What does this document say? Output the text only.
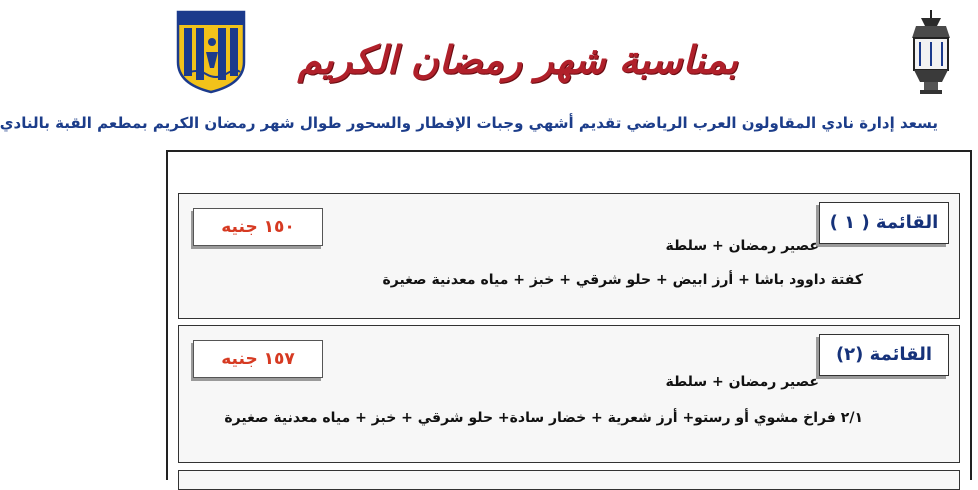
بمناسبة شهر رمضان الكريم
يسعد إدارة نادي المقاولون العرب الرياضي تقديم أشهي وجبات الإفطار والسحور طوال شهر رمضان الكريم بمطعم القبة بالنادي
القائمة ( ١ )
١٥٠ جنيه
عصير رمضان + سلطة
كفتة داوود باشا + أرز ابيض + حلو شرقي + خبز + مياه معدنية صغيرة
القائمة (٢)
١٥٧ جنيه
عصير رمضان + سلطة
٢/١ فراخ مشوي أو رستو+ أرز شعرية + خضار سادة+ حلو شرقي + خبز + مياه معدنية صغيرة
